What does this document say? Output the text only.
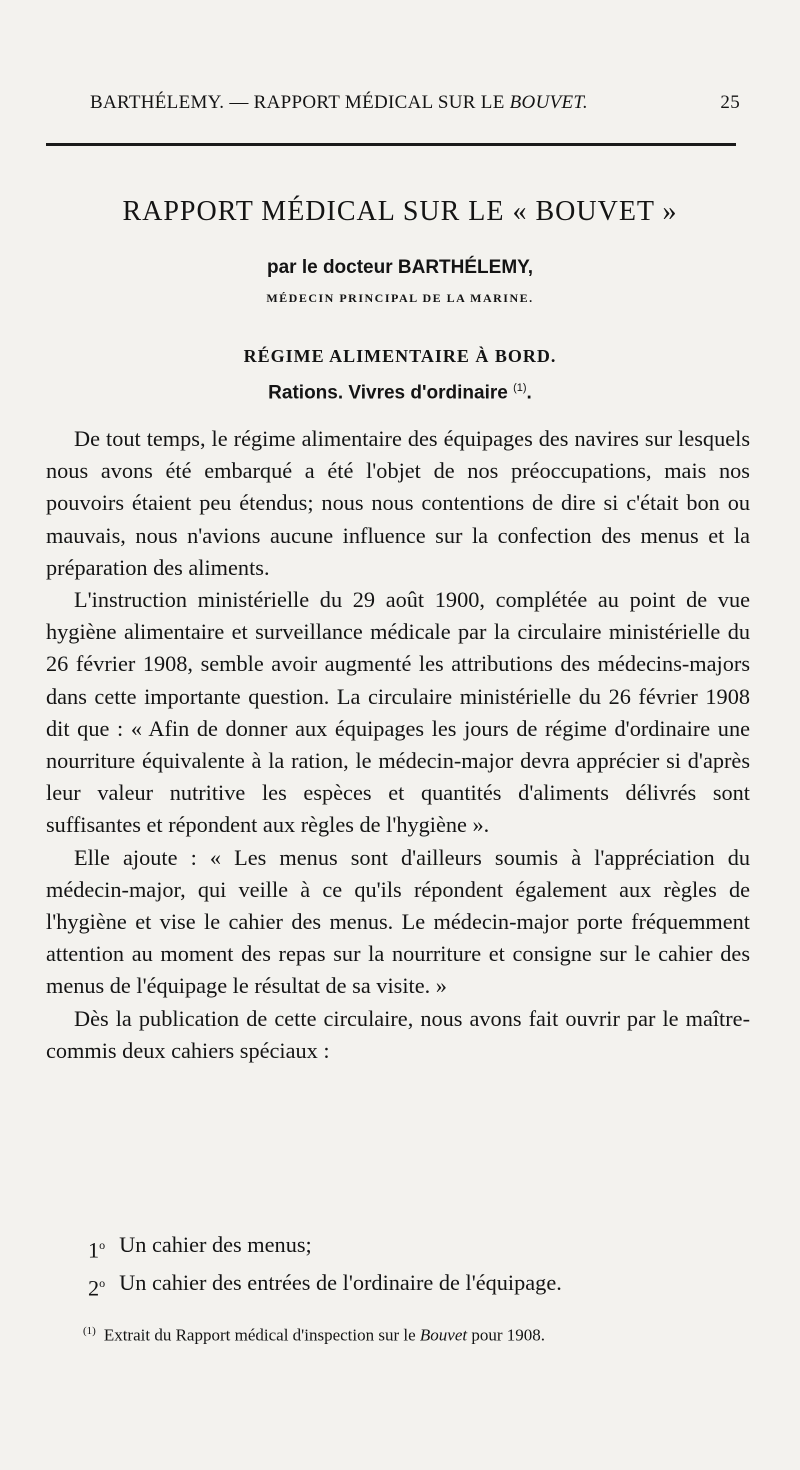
BARTHÉLEMY. — RAPPORT MÉDICAL SUR LE BOUVET.	25
RAPPORT MÉDICAL SUR LE « BOUVET »
par le docteur BARTHÉLEMY,
MÉDECIN PRINCIPAL DE LA MARINE.
RÉGIME ALIMENTAIRE À BORD.
Rations. Vivres d'ordinaire $^{(1)}$.

De tout temps, le régime alimentaire des équipages des navires sur lesquels nous avons été embarqué a été l'objet de nos préoccupations, mais nos pouvoirs étaient peu étendus; nous nous contentions de dire si c'était bon ou mauvais, nous n'avions aucune influence sur la confection des menus et la préparation des aliments.

L'instruction ministérielle du 29 août 1900, complétée au point de vue hygiène alimentaire et surveillance médicale par la circulaire ministérielle du 26 février 1908, semble avoir augmenté les attributions des médecins-majors dans cette importante question. La circulaire ministérielle du 26 février 1908 dit que : « Afin de donner aux équipages les jours de régime d'ordinaire une nourriture équivalente à la ration, le médecin-major devra apprécier si d'après leur valeur nutritive les espèces et quantités d'aliments délivrés sont suffisantes et répondent aux règles de l'hygiène ».

Elle ajoute : « Les menus sont d'ailleurs soumis à l'appréciation du médecin-major, qui veille à ce qu'ils répondent également aux règles de l'hygiène et vise le cahier des menus. Le médecin-major porte fréquemment attention au moment des repas sur la nourriture et consigne sur le cahier des menus de l'équipage le résultat de sa visite. »

Dès la publication de cette circulaire, nous avons fait ouvrir par le maître-commis deux cahiers spéciaux :

1$^o$ Un cahier des menus;
2$^o$ Un cahier des entrées de l'ordinaire de l'équipage.
$^{(1)}$ Extrait du Rapport médical d'inspection sur le Bouvet pour 1908.
